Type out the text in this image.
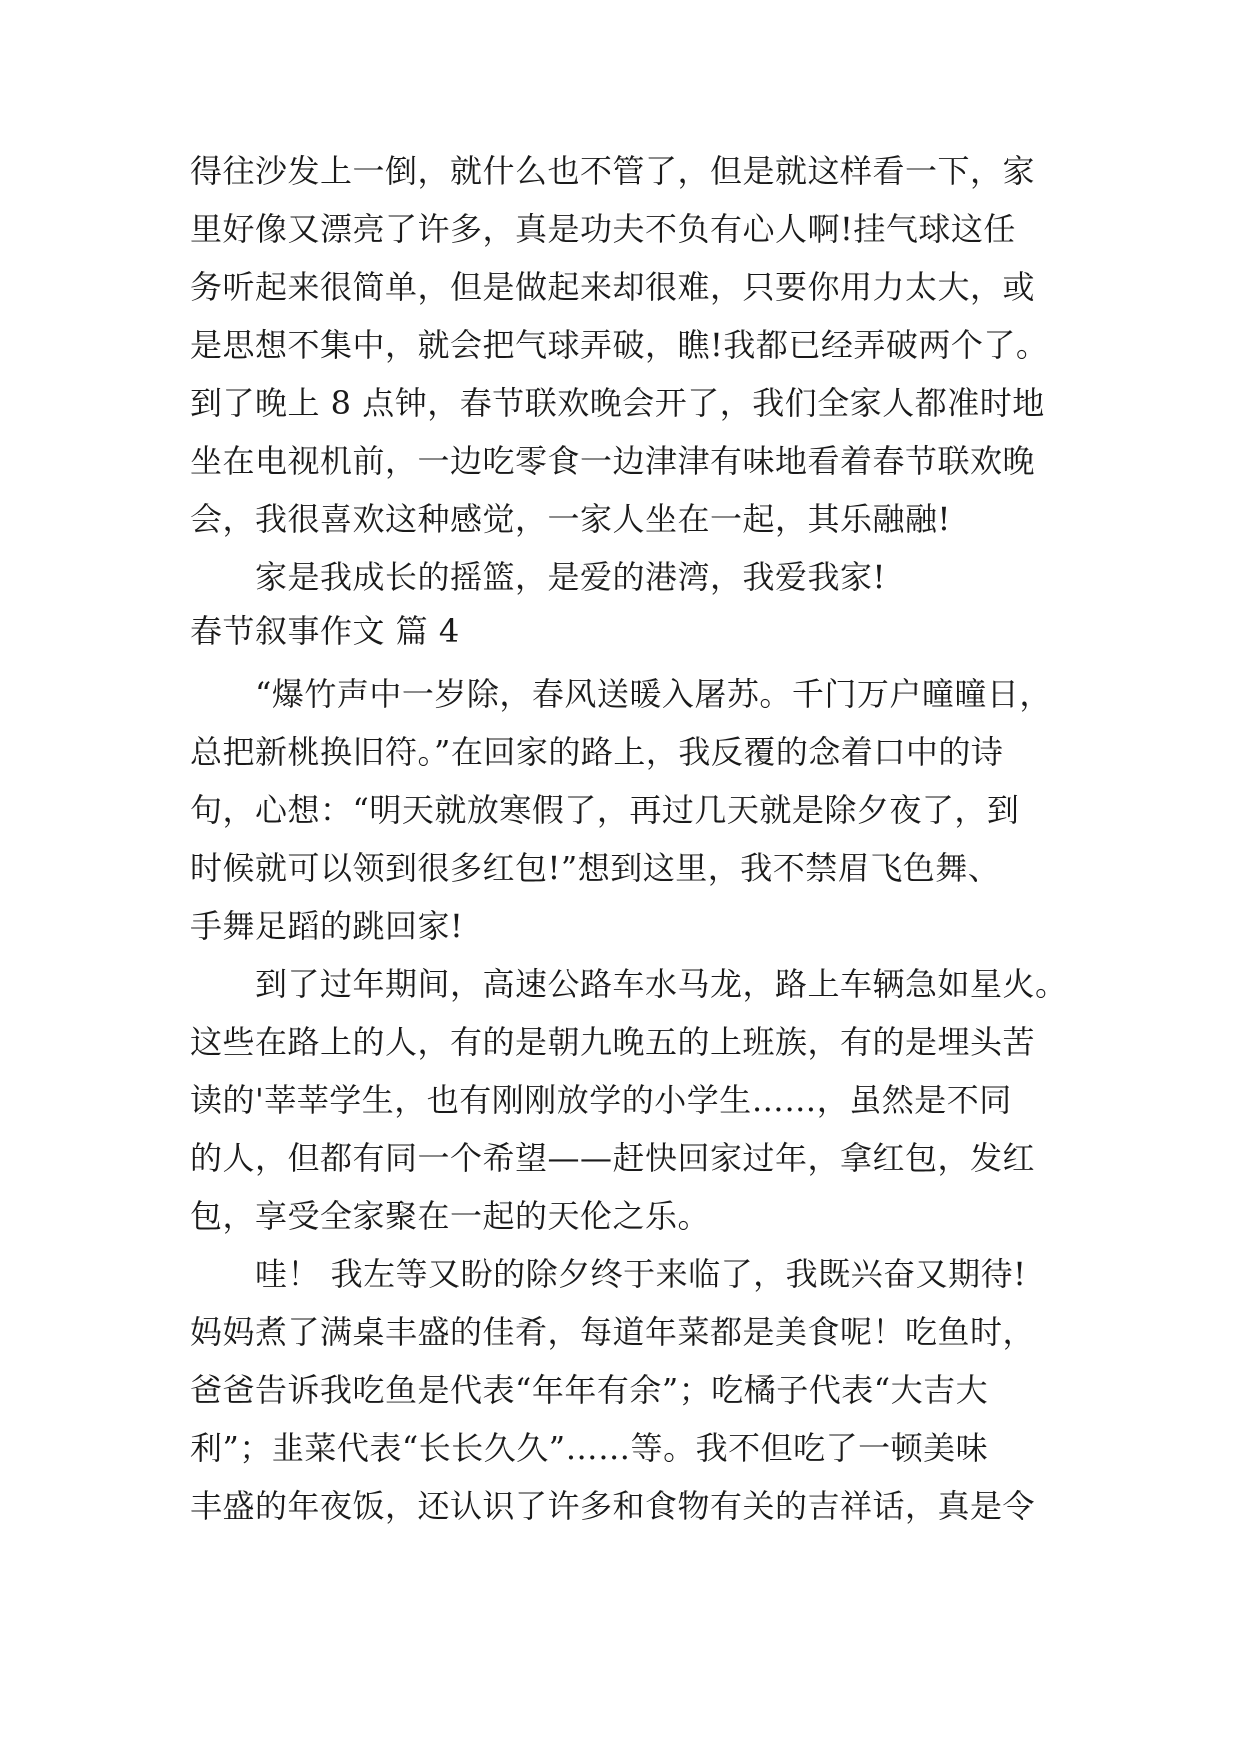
得往沙发上一倒，就什么也不管了，但是就这样看一下，家
里好像又漂亮了许多，真是功夫不负有心人啊!挂气球这任
务听起来很简单，但是做起来却很难，只要你用力太大，或
是思想不集中，就会把气球弄破，瞧!我都已经弄破两个了。
到了晚上 8 点钟，春节联欢晚会开了，我们全家人都准时地
坐在电视机前，一边吃零食一边津津有味地看着春节联欢晚
会，我很喜欢这种感觉，一家人坐在一起，其乐融融!
家是我成长的摇篮，是爱的港湾，我爱我家!
春节叙事作文 篇 4
“爆竹声中一岁除，春风送暖入屠苏。千门万户曈曈日，
总把新桃换旧符。”在回家的路上，我反覆的念着口中的诗
句，心想：“明天就放寒假了，再过几天就是除夕夜了，到
时候就可以领到很多红包!”想到这里，我不禁眉飞色舞、
手舞足蹈的跳回家!
到了过年期间，高速公路车水马龙，路上车辆急如星火。
这些在路上的人，有的是朝九晚五的上班族，有的是埋头苦
读的'莘莘学生，也有刚刚放学的小学生……，虽然是不同
的人，但都有同一个希望——赶快回家过年，拿红包，发红
包，享受全家聚在一起的天伦之乐。
哇！ 我左等又盼的除夕终于来临了，我既兴奋又期待!
妈妈煮了满桌丰盛的佳肴，每道年菜都是美食呢！吃鱼时，
爸爸告诉我吃鱼是代表“年年有余”；吃橘子代表“大吉大
利”；韭菜代表“长长久久”……等。我不但吃了一顿美味
丰盛的年夜饭，还认识了许多和食物有关的吉祥话，真是令
